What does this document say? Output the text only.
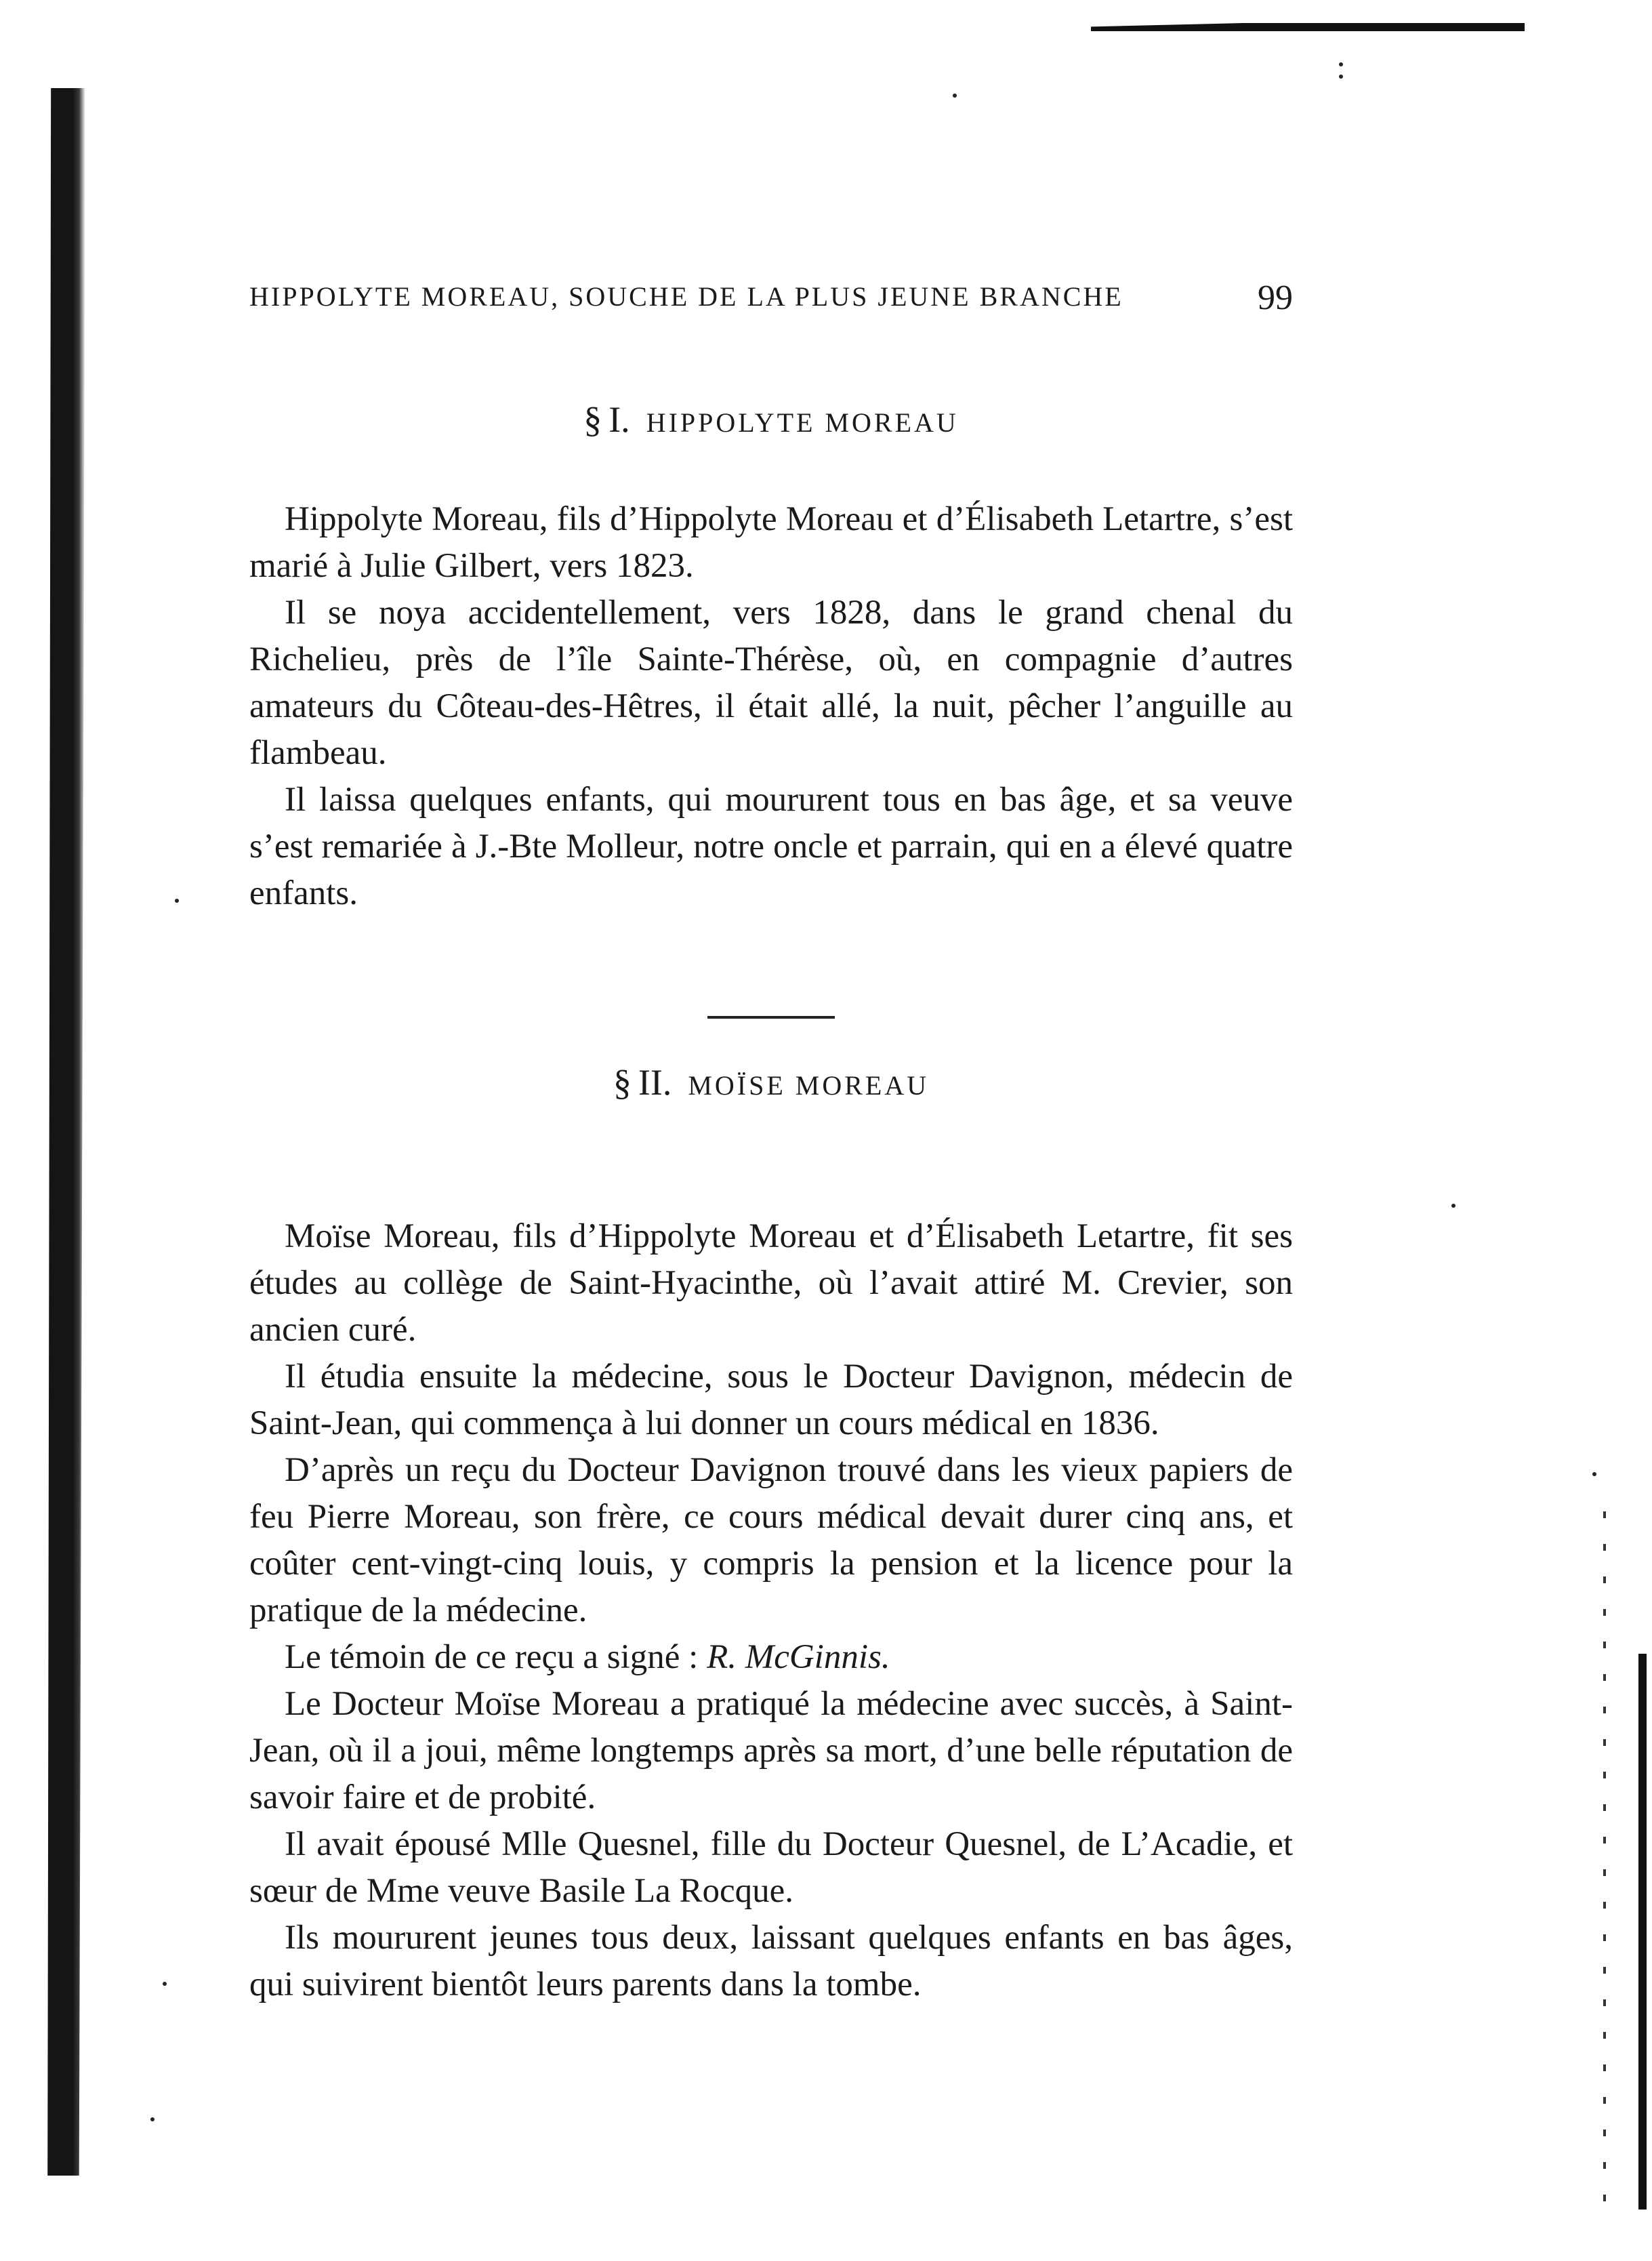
HIPPOLYTE MOREAU, SOUCHE DE LA PLUS JEUNE BRANCHE	99
§ I. HIPPOLYTE MOREAU

Hippolyte Moreau, fils d’Hippolyte Moreau et d’Élisabeth Letartre, s’est marié à Julie Gilbert, vers 1823.

Il se noya accidentellement, vers 1828, dans le grand chenal du Richelieu, près de l’île Sainte-Thérèse, où, en compagnie d’autres amateurs du Côteau-des-Hêtres, il était allé, la nuit, pêcher l’anguille au flambeau.

Il laissa quelques enfants, qui moururent tous en bas âge, et sa veuve s’est remariée à J.-Bte Molleur, notre oncle et parrain, qui en a élevé quatre enfants.

§ II. MOÏSE MOREAU

Moïse Moreau, fils d’Hippolyte Moreau et d’Élisabeth Letartre, fit ses études au collège de Saint-Hyacinthe, où l’avait attiré M. Crevier, son ancien curé.

Il étudia ensuite la médecine, sous le Docteur Davignon, médecin de Saint-Jean, qui commença à lui donner un cours médical en 1836.

D’après un reçu du Docteur Davignon trouvé dans les vieux papiers de feu Pierre Moreau, son frère, ce cours médical devait durer cinq ans, et coûter cent-vingt-cinq louis, y compris la pension et la licence pour la pratique de la médecine.

Le témoin de ce reçu a signé : R. McGinnis.

Le Docteur Moïse Moreau a pratiqué la médecine avec succès, à Saint-Jean, où il a joui, même longtemps après sa mort, d’une belle réputation de savoir faire et de probité.

Il avait épousé Mlle Quesnel, fille du Docteur Quesnel, de L’Acadie, et sœur de Mme veuve Basile La Rocque.

Ils moururent jeunes tous deux, laissant quelques enfants en bas âges, qui suivirent bientôt leurs parents dans la tombe.
